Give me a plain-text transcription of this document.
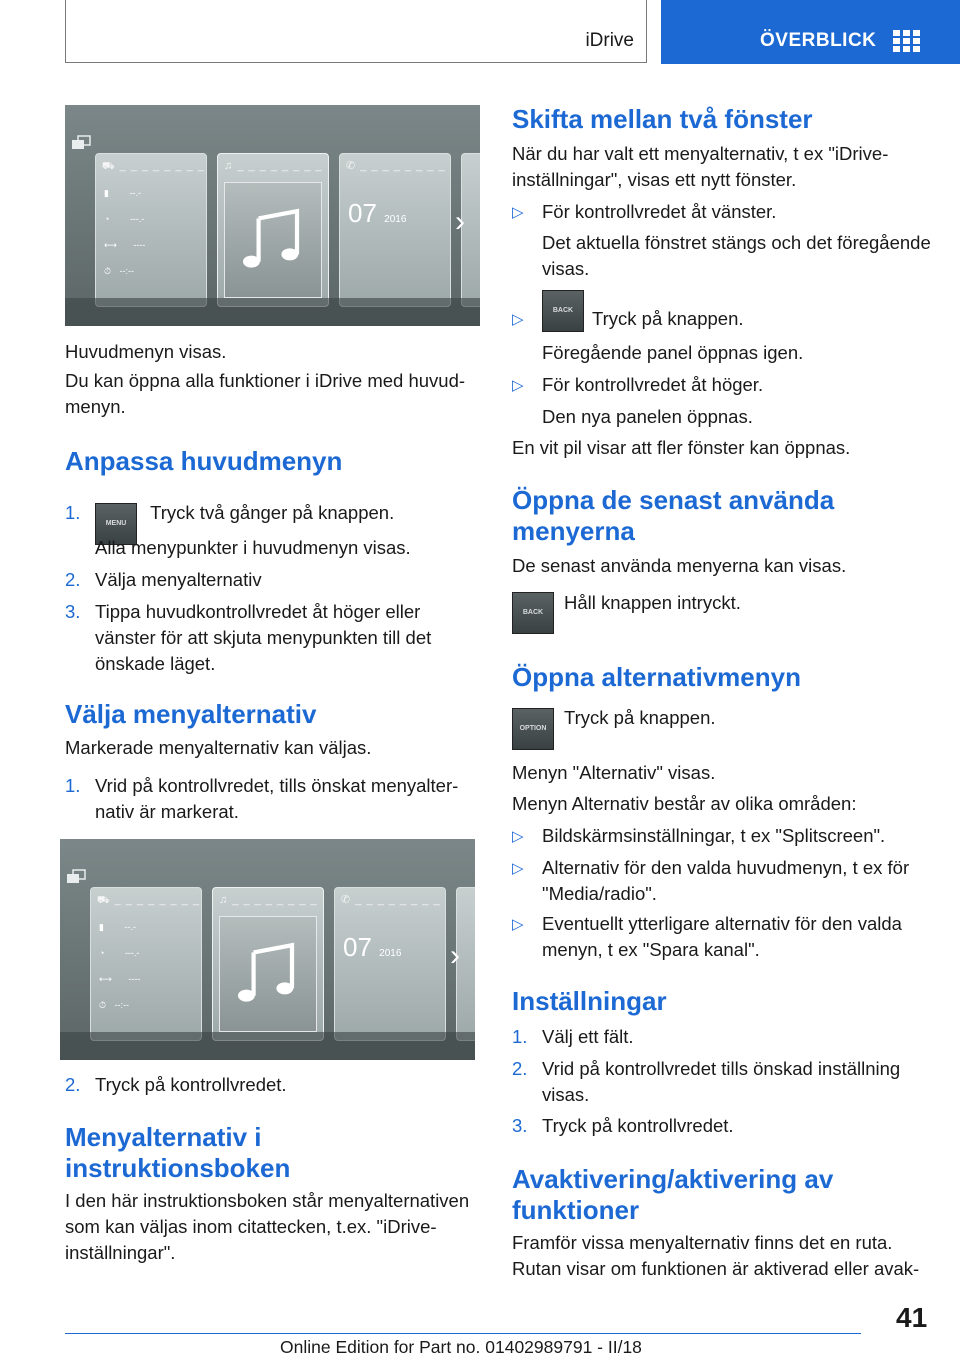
iDrive	ÖVERBLICK
⛟ _ _ _ _ _ _ _ _
▮ --.-
◔ ---.-
⟷ ----
⏱ --:--
♫ _ _ _ _ _ _ _ _	✆ _ _ _ _ _ _ _ _
07 2016 ›

Huvudmenyn visas.

Du kan öppna alla funktioner i iDrive med huvudmenyn.

Anpassa huvudmenyn
1.
MENU Tryck två gånger på knappen.

Alla menypunkter i huvudmenyn visas.

2. Välja menyalternativ
3. Tippa huvudkontrollvredet åt höger eller vänster för att skjuta menypunkten till det önskade läget.
Välja menyalternativ

Markerade menyalternativ kan väljas.

1. Vrid på kontrollvredet, tills önskat menyalternativ är markerat.
⛟ _ _ _ _ _ _ _ _
▮ --.-
◔ ---.-
⟷ ----
⏱ --:--
♫ _ _ _ _ _ _ _ _	✆ _ _ _ _ _ _ _ _
07 2016 ›
2. Tryck på kontrollvredet.
Menyalternativ i instruktionsboken

I den här instruktionsboken står menyalternativen som kan väljas inom citattecken, t.ex. "iDrive-inställningar".

Skifta mellan två fönster

När du har valt ett menyalternativ, t ex "iDrive-inställningar", visas ett nytt fönster.

▷ För kontrollvredet åt vänster.

Det aktuella fönstret stängs och det föregående visas.

▷
BACK	Tryck på knappen.

Föregående panel öppnas igen.

▷ För kontrollvredet åt höger.

Den nya panelen öppnas.

En vit pil visar att fler fönster kan öppnas.

Öppna de senast använda menyerna

De senast använda menyerna kan visas.

BACK	Håll knappen intryckt.

Öppna alternativmenyn
OPTION

Tryck på knappen.

Menyn "Alternativ" visas.

Menyn Alternativ består av olika områden:

▷ Bildskärmsinställningar, t ex "Splitscreen".
▷ Alternativ för den valda huvudmenyn, t ex för "Media/radio".
▷ Eventuellt ytterligare alternativ för den valda menyn, t ex "Spara kanal".
Inställningar
1. Välj ett fält.
2. Vrid på kontrollvredet tills önskad inställning visas.
3. Tryck på kontrollvredet.
Avaktivering/aktivering av funktioner

Framför vissa menyalternativ finns det en ruta. Rutan visar om funktionen är aktiverad eller avak-

41
Online Edition for Part no. 01402989791 - II/18
